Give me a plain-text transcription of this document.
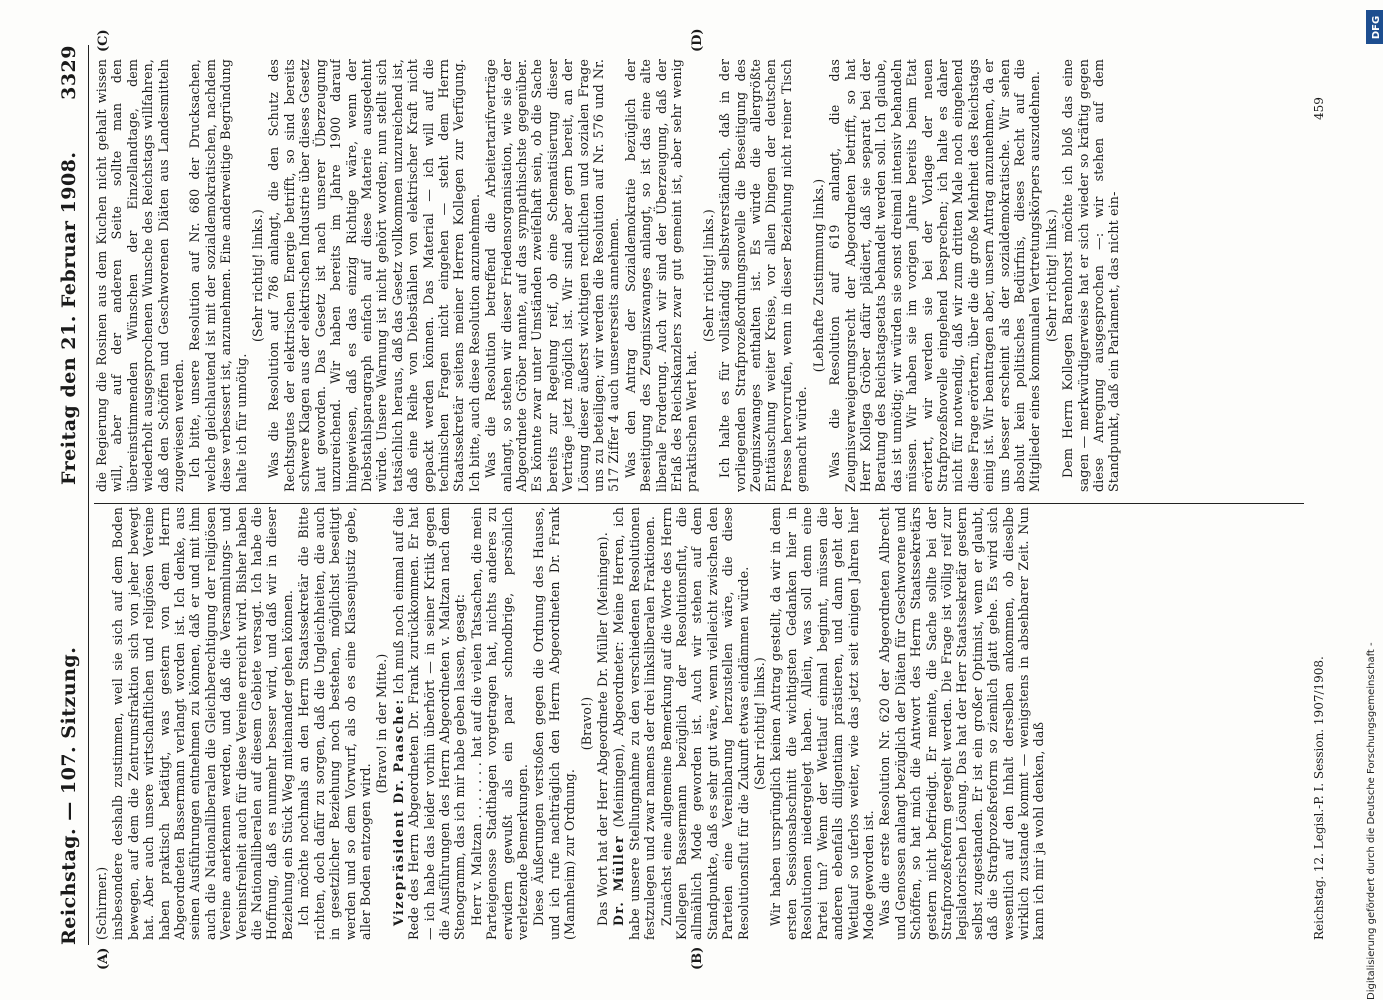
Reichstag. — 107. Sitzung.
Freitag den 21. Februar 1908.
3329
(A)	(B)
(C)	(D)

(Schirmer.) insbesondere deshalb zustimmen, weil sie sich auf dem Boden bewegen, auf dem die Zentrumsfraktion sich von jeher bewegt hat. Aber auch unsere wirtschaftlichen und religiösen Vereine haben praktisch betätigt, was gestern von dem Herrn Abgeordneten Bassermann verlangt worden ist. Ich denke, aus seinen Ausführungen entnehmen zu können, daß er und mit ihm auch die Nationalliberalen die Gleichberechtigung der religiösen Vereine anerkennen werden, und daß die Versammlungs- und Vereinsfreiheit auch für diese Vereine erreicht wird. Bisher haben die Nationalliberalen auf diesem Gebiete versagt. Ich habe die Hoffnung, daß es nunmehr besser wird, und daß wir in dieser Beziehung ein Stück Weg miteinander gehen können. Ich möchte nochmals an den Herrn Staatssekretär die Bitte richten, doch dafür zu sorgen, daß die Ungleichheiten, die auch in gesetzlicher Beziehung noch bestehen, möglichst beseitigt werden und so dem Vorwurf, als ob es eine Klassenjustiz gebe, aller Boden entzogen wird.

(Bravo! in der Mitte.) Vizepräsident Dr. Paasche: Ich muß noch einmal auf die Rede des Herrn Abgeordneten Dr. Frank zurückkommen. Er hat — ich habe das leider vorhin überhört — in seiner Kritik gegen die Ausführungen des Herrn Abgeordneten v. Maltzan nach dem Stenogramm, das ich mir habe geben lassen, gesagt: Herr v. Maltzan . . . . . . . hat auf die vielen Tatsachen, die mein Parteigenosse Stadthagen vorgetragen hat, nichts anderes zu erwidern gewußt als ein paar schnodbrige, persönlich verletzende Bemerkungen. Diese Äußerungen verstoßen gegen die Ordnung des Hauses, und ich rufe nachträglich den Herrn Abgeordneten Dr. Frank (Mannheim) zur Ordnung.

(Bravo!) Das Wort hat der Herr Abgeordnete Dr. Müller (Meiningen). Dr. Müller (Meiningen), Abgeordneter: Meine Herren, ich habe unsere Stellungnahme zu den verschiedenen Resolutionen festzulegen und zwar namens der drei linksliberalen Fraktionen. Zunächst eine allgemeine Bemerkung auf die Worte des Herrn Kollegen Bassermann bezüglich der Resolutionsflut, die allmählich Mode geworden ist. Auch wir stehen auf dem Standpunkte, daß es sehr gut wäre, wenn vielleicht zwischen den Parteien eine Vereinbarung herzustellen wäre, die diese Resolutionsflut für die Zukunft etwas eindämmen würde. (Sehr richtig! links.) Wir haben ursprünglich keinen Antrag gestellt, da wir in dem ersten Sessionsabschnitt die wichtigsten Gedanken hier in Resolutionen niedergelegt haben. Allein, was soll denn eine Partei tun? Wenn der Wettlauf einmal beginnt, müssen die anderen ebenfalls diligentiam prästieren, und dann geht der Wettlauf so uferlos weiter, wie das jetzt seit einigen Jahren hier Mode geworden ist. Was die erste Resolution Nr. 620 der Abgeordneten Albrecht und Genossen anlangt bezüglich der Diäten für Geschworene und Schöffen, so hat mich die Antwort des Herrn Staatssekretärs gestern nicht befriedigt. Er meinte, die Sache sollte bei der Strafprozeßreform geregelt werden. Die Frage ist völlig reif zur legislatorischen Lösung. Das hat der Herr Staatssekretär gestern selbst zugestanden. Er ist ein großer Optimist, wenn er glaubt, daß die Strafprozeßreform so ziemlich glatt gehe. Es wird sich wesentlich auf den Inhalt derselben ankommen, ob dieselbe wirklich zustande kommt — wenigstens in absehbarer Zeit. Nun kann ich mir ja wohl denken, daß

die Regierung die Rosinen aus dem Kuchen nicht gehalt wissen will, aber auf der anderen Seite sollte man den übereinstimmenden Wünschen der Einzellandtage, dem wiederholt ausgesprochenen Wunsche des Reichstags willfahren, daß den Schöffen und Geschworenen Diäten aus Landesmitteln zugewiesen werden. Ich bitte, unsere Resolution auf Nr. 680 der Drucksachen, welche gleichlautend ist mit der sozialdemokratischen, nachdem diese verbessert ist, anzunehmen. Eine anderweitige Begründung halte ich für unnötig.

(Sehr richtig! links.) Was die Resolution auf 786 anlangt, die den Schutz des Rechtsgutes der elektrischen Energie betrifft, so sind bereits schwere Klagen aus der elektrischen Industrie über dieses Gesetz laut geworden. Das Gesetz ist nach unserer Überzeugung unzureichend. Wir haben bereits im Jahre 1900 darauf hingewiesen, daß es das einzig Richtige wäre, wenn der Diebstahlsparagraph einfach auf diese Materie ausgedehnt würde. Unsere Warnung ist nicht gehört worden; nun stellt sich tatsächlich heraus, daß das Gesetz vollkommen unzureichend ist, daß eine Reihe von Diebstählen von elektrischer Kraft nicht gepackt werden können. Das Material — ich will auf die technischen Fragen nicht eingehen — steht dem Herrn Staatssekretär seitens meiner Herren Kollegen zur Verfügung. Ich bitte, auch diese Resolution anzunehmen. Was die Resolution betreffend die Arbeitertarifverträge anlangt, so stehen wir dieser Friedensorganisation, wie sie der Abgeordnete Gröber nannte, auf das sympathischste gegenüber. Es könnte zwar unter Umständen zweifelhaft sein, ob die Sache bereits zur Regelung reif, ob eine Schematisierung dieser Verträge jetzt möglich ist. Wir sind aber gern bereit, an der Lösung dieser äußerst wichtigen rechtlichen und sozialen Frage uns zu beteiligen; wir werden die Resolution auf Nr. 576 und Nr. 517 Ziffer 4 auch unsererseits annehmen. Was den Antrag der Sozialdemokratie bezüglich der Beseitigung des Zeugniszwanges anlangt, so ist das eine alte liberale Forderung. Auch wir sind der Überzeugung, daß der Erlaß des Reichskanzlers zwar gut gemeint ist, aber sehr wenig praktischen Wert hat.

(Sehr richtig! links.) Ich halte es für vollständig selbstverständlich, daß in der vorliegenden Strafprozeßordnungsnovelle die Beseitigung des Zeugniszwanges enthalten ist. Es würde die allergrößte Enttäuschung weiter Kreise, vor allen Dingen der deutschen Presse hervorrufen, wenn in dieser Beziehung nicht reiner Tisch gemacht würde.

(Lebhafte Zustimmung links.) Was die Resolution auf 619 anlangt, die das Zeugnisverweigerungsrecht der Abgeordneten betrifft, so hat Herr Kollega Gröber dafür plädiert, daß sie separat bei der Beratung des Reichstagsetats behandelt werden soll. Ich glaube, das ist unnötig; wir würden sie sonst dreimal intensiv behandeln müssen. Wir haben sie im vorigen Jahre bereits beim Etat erörtert, wir werden sie bei der Vorlage der neuen Strafprozeßnovelle eingehend besprechen; ich halte es daher nicht für notwendig, daß wir zum dritten Male noch eingehend diese Frage erörtern, über die die große Mehrheit des Reichstags einig ist. Wir beantragen aber, unsern Antrag anzunehmen, da er uns besser erscheint als der sozialdemokratische. Wir sehen absolut kein politisches Bedürfnis, dieses Recht auf die Mitglieder eines kommunalen Vertretungskörpers auszudehnen. (Sehr richtig! links.) Dem Herrn Kollegen Barenhorst möchte ich bloß das eine sagen — merkwürdigerweise hat er sich wieder so kräftig gegen diese Anregung ausgesprochen —: wir stehen auf dem Standpunkt, daß ein Parlament, das nicht ein-

Reichstag. 12. Legisl.-P. I. Session. 1907/1908.
459
DFG
Digitalisierung gefördert durch die Deutsche Forschungsgemeinschaft -
